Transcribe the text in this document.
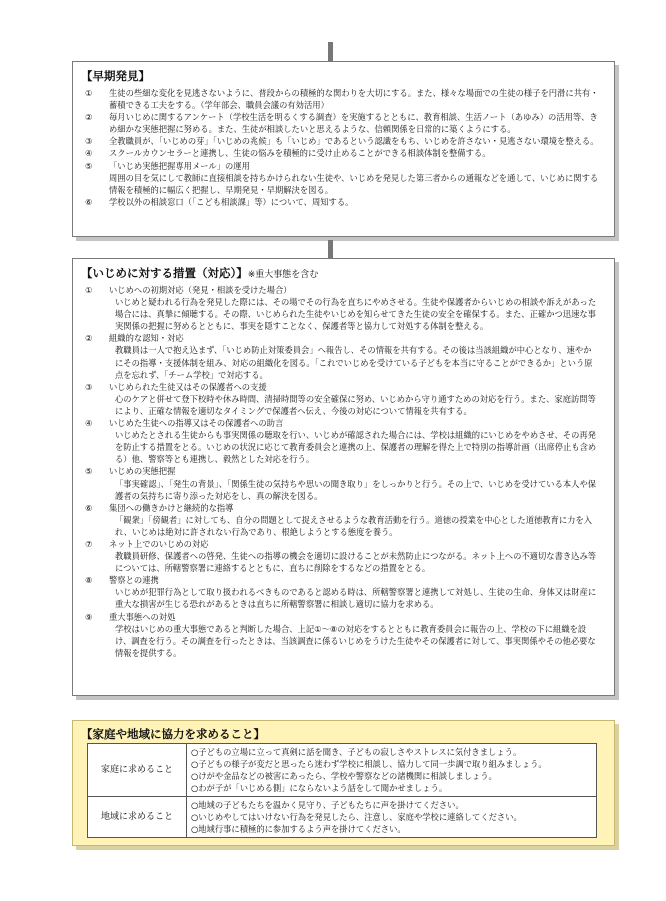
【早期発見】
①	生徒の些細な変化を見逃さないように、普段からの積極的な関わりを大切にする。また、様々な場面での生徒の様子を円滑に共有・蓄積できる工夫をする。（学年部会、職員会議の有効活用）
②	毎月いじめに関するアンケート（学校生活を明るくする調査）を実施するとともに、教育相談、生活ノート（あゆみ）の活用等、きめ細かな実態把握に努める。また、生徒が相談したいと思えるような、信頼関係を日常的に築くようにする。
③	全教職員が、「いじめの芽」「いじめの兆候」も「いじめ」であるという認識をもち、いじめを許さない・見逃さない環境を整える。
④	スクールカウンセラーと連携し、生徒の悩みを積極的に受け止めることができる相談体制を整備する。
⑤	「いじめ実態把握専用メール」の運用
周囲の目を気にして教師に直接相談を持ちかけられない生徒や、いじめを発見した第三者からの通報などを通して、いじめに関する情報を積極的に幅広く把握し、早期発見・早期解決を図る。
⑥	学校以外の相談窓口（「こども相談課」等）について、周知する。
【いじめに対する措置（対応）】※重大事態を含む
①	いじめへの初期対応（発見・相談を受けた場合）
いじめと疑われる行為を発見した際には、その場でその行為を直ちにやめさせる。生徒や保護者からいじめの相談や訴えがあった場合には、真摯に傾聴する。その際、いじめられた生徒やいじめを知らせてきた生徒の安全を確保する。また、正確かつ迅速な事実関係の把握に努めるとともに、事実を隠すことなく、保護者等と協力して対処する体制を整える。
②	組織的な認知・対応
教職員は一人で抱え込まず、「いじめ防止対策委員会」へ報告し、その情報を共有する。その後は当該組織が中心となり、速やかにその指導・支援体制を組み、対応の組織化を図る。「これでいじめを受けている子どもを本当に守ることができるか」という原点を忘れず、「チーム学校」で対応する。
③	いじめられた生徒又はその保護者への支援
心のケアと併せて登下校時や休み時間、清掃時間等の安全確保に努め、いじめから守り通すための対応を行う。また、家庭訪問等により、正確な情報を適切なタイミングで保護者へ伝え、今後の対応について情報を共有する。
④	いじめた生徒への指導又はその保護者への助言
いじめたとされる生徒からも事実関係の聴取を行い、いじめが確認された場合には、学校は組織的にいじめをやめさせ、その再発を防止する措置をとる。いじめの状況に応じて教育委員会と連携の上、保護者の理解を得た上で特別の指導計画（出席停止も含める）他、警察等とも連携し、毅然とした対応を行う。
⑤	いじめの実態把握
「事実確認」、「発生の背景」、「関係生徒の気持ちや思いの聞き取り」をしっかりと行う。その上で、いじめを受けている本人や保護者の気持ちに寄り添った対応をし、真の解決を図る。
⑥	集団への働きかけと継続的な指導
「観衆」「傍観者」に対しても、自分の問題として捉えさせるような教育活動を行う。道徳の授業を中心とした道徳教育に力を入れ、いじめは絶対に許されない行為であり、根絶しようとする態度を養う。
⑦	ネット上でのいじめの対応
教職員研修、保護者への啓発、生徒への指導の機会を適切に設けることが未然防止につながる。ネット上への不適切な書き込み等については、所轄警察署に連絡するとともに、直ちに削除をするなどの措置をとる。
⑧	警察との連携
いじめが犯罪行為として取り扱われるべきものであると認める時は、所轄警察署と連携して対処し、生徒の生命、身体又は財産に重大な損害が生じる恐れがあるときは直ちに所轄警察署に相談し適切に協力を求める。
⑨	重大事態への対処
学校はいじめの重大事態であると判断した場合、上記①～⑧の対応をするとともに教育委員会に報告の上、学校の下に組織を設け、調査を行う。その調査を行ったときは、当該調査に係るいじめをうけた生徒やその保護者に対して、事実関係やその他必要な情報を提供する。
【家庭や地域に協力を求めること】
家庭に求めること	○子どもの立場に立って真剣に話を聞き、子どもの寂しさやストレスに気付きましょう。
○子どもの様子が変だと思ったら迷わず学校に相談し、協力して同一歩調で取り組みましょう。
○けがや金品などの被害にあったら、学校や警察などの諸機関に相談しましょう。
○わが子が「いじめる側」にならないよう話をして聞かせましょう。

地域に求めること	○地域の子どもたちを温かく見守り、子どもたちに声を掛けてください。
○いじめやしてはいけない行為を発見したら、注意し、家庭や学校に連絡してください。
○地域行事に積極的に参加するよう声を掛けてください。
